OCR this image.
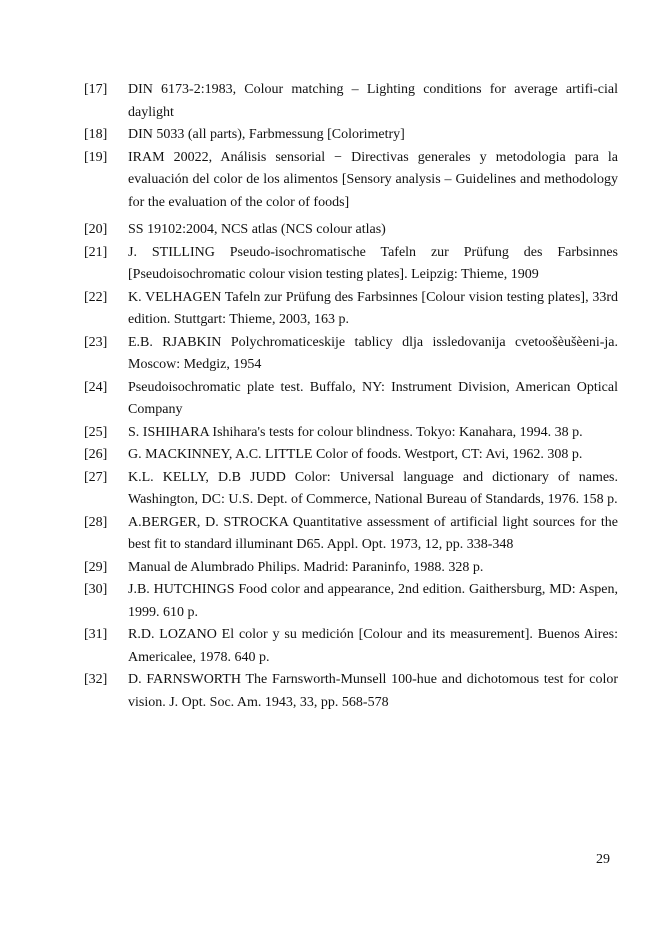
[17]	DIN 6173-2:1983, Colour matching – Lighting conditions for average artifi-cial daylight
[18]	DIN 5033 (all parts), Farbmessung [Colorimetry]
[19]	IRAM 20022, Análisis sensorial − Directivas generales y metodologia para la evaluación del color de los alimentos [Sensory analysis – Guidelines and methodology for the evaluation of the color of foods]
[20]	SS 19102:2004, NCS atlas (NCS colour atlas)
[21]	J. STILLING Pseudo-isochromatische Tafeln zur Prüfung des Farbsinnes [Pseudoisochromatic colour vision testing plates]. Leipzig: Thieme, 1909
[22]	K. VELHAGEN Tafeln zur Prüfung des Farbsinnes [Colour vision testing plates], 33rd edition. Stuttgart: Thieme, 2003, 163 p.
[23]	E.B. RJABKIN Polychromaticeskije tablicy dlja issledovanija cvetoošèušèeni-ja. Moscow: Medgiz, 1954
[24]	Pseudoisochromatic plate test. Buffalo, NY: Instrument Division, American Optical Company
[25]	S. ISHIHARA Ishihara's tests for colour blindness. Tokyo: Kanahara, 1994. 38 p.
[26]	G. MACKINNEY, A.C. LITTLE Color of foods. Westport, CT: Avi, 1962. 308 p.
[27]	K.L. KELLY, D.B JUDD Color: Universal language and dictionary of names. Washington, DC: U.S. Dept. of Commerce, National Bureau of Standards, 1976. 158 p.
[28]	A.BERGER, D. STROCKA Quantitative assessment of artificial light sources for the best fit to standard illuminant D65. Appl. Opt. 1973, 12, pp. 338-348
[29]	Manual de Alumbrado Philips. Madrid: Paraninfo, 1988. 328 p.
[30]	J.B. HUTCHINGS Food color and appearance, 2nd edition. Gaithersburg, MD: Aspen, 1999. 610 p.
[31]	R.D. LOZANO El color y su medición [Colour and its measurement]. Buenos Aires: Americalee, 1978. 640 p.
[32]	D. FARNSWORTH The Farnsworth-Munsell 100-hue and dichotomous test for color vision. J. Opt. Soc. Am. 1943, 33, pp. 568-578
29
